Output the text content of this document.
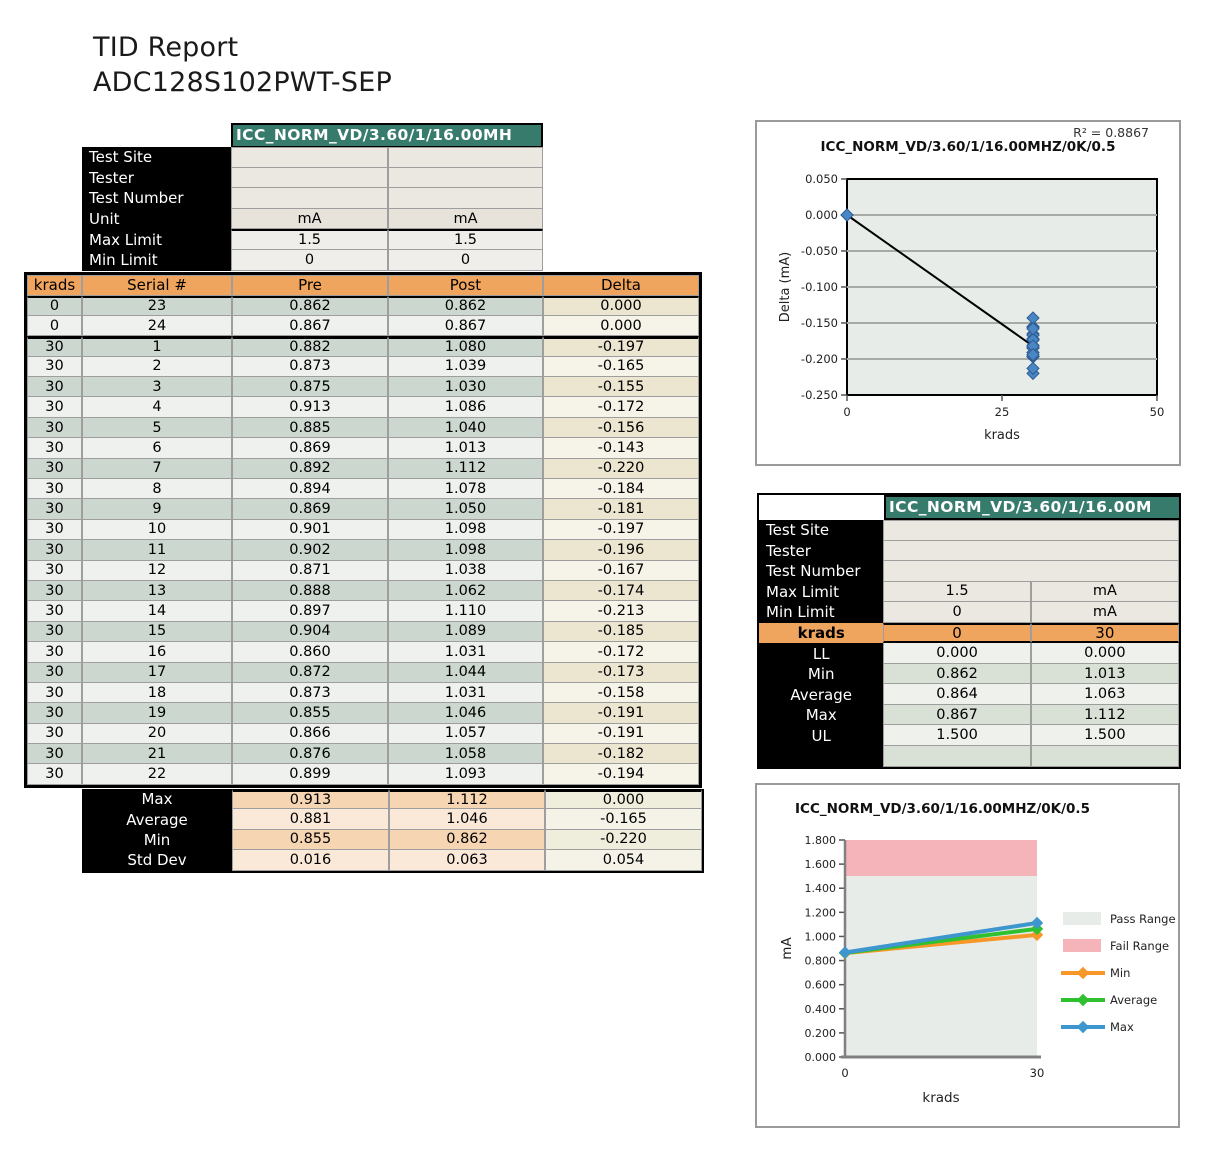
TID Report
ADC128S102PWT-SEP
ICC_NORM_VD/3.60/1/16.00MH
Test Site
Tester
Test Number
Unit	mA	mA
Max Limit	1.5	1.5
Min Limit	0	0
krads	Serial #	Pre	Post	Delta
0	23	0.862	0.862	0.000
0	24	0.867	0.867	0.000
30	1	0.882	1.080	-0.197
30	2	0.873	1.039	-0.165
30	3	0.875	1.030	-0.155
30	4	0.913	1.086	-0.172
30	5	0.885	1.040	-0.156
30	6	0.869	1.013	-0.143
30	7	0.892	1.112	-0.220
30	8	0.894	1.078	-0.184
30	9	0.869	1.050	-0.181
30	10	0.901	1.098	-0.197
30	11	0.902	1.098	-0.196
30	12	0.871	1.038	-0.167
30	13	0.888	1.062	-0.174
30	14	0.897	1.110	-0.213
30	15	0.904	1.089	-0.185
30	16	0.860	1.031	-0.172
30	17	0.872	1.044	-0.173
30	18	0.873	1.031	-0.158
30	19	0.855	1.046	-0.191
30	20	0.866	1.057	-0.191
30	21	0.876	1.058	-0.182
30	22	0.899	1.093	-0.194
Max	0.913	1.112	0.000
Average	0.881	1.046	-0.165
Min	0.855	0.862	-0.220
Std Dev	0.016	0.063	0.054
R² = 0.8867
ICC_NORM_VD/3.60/1/16.00MHZ/0K/0.5
0.050
0.000
-0.050
-0.100
-0.150
-0.200
-0.250
0	25	50
krads
Delta (mA)
ICC_NORM_VD/3.60/1/16.00M
Test Site
Tester
Test Number
Max Limit	1.5	mA
Min Limit	0	mA
krads	0	30
LL	0.000	0.000
Min	0.862	1.013
Average	0.864	1.063
Max	0.867	1.112
UL	1.500	1.500
ICC_NORM_VD/3.60/1/16.00MHZ/0K/0.5
0.000
0.200
0.400
0.600
0.800
1.000
1.200
1.400
1.600
1.800
0	30
krads
mA
Pass Range
Fail Range
Min
Average
Max
